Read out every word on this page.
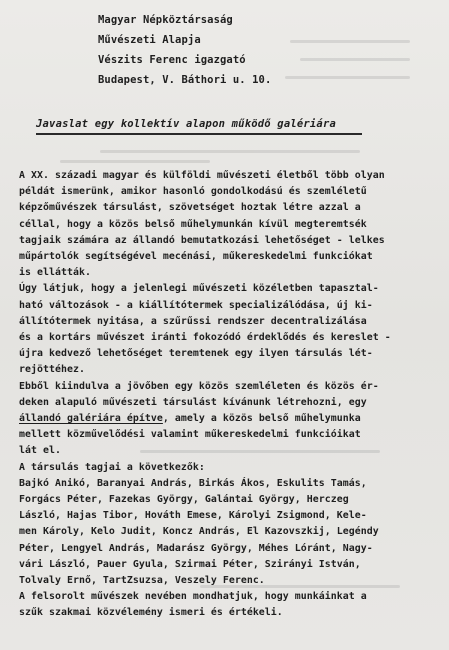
Magyar Népköztársaság
Művészeti Alapja
Vészits Ferenc igazgató
Budapest, V. Báthori u. 10.
Javaslat egy kollektív alapon működő galériára
A XX. századi magyar és külföldi művészeti életből több olyan
példát ismerünk, amikor hasonló gondolkodású és szemléletű
képzőművészek társulást, szövetséget hoztak létre azzal a
céllal, hogy a közös belső műhelymunkán kívül megteremtsék
tagjaik számára az állandó bemutatkozási lehetőséget - lelkes
műpártolók segítségével mecénási, műkereskedelmi funkciókat
is ellátták.
Úgy látjuk, hogy a jelenlegi művészeti közéletben tapasztal-
ható változások - a kiállítótermek specializálódása, új ki-
állítótermek nyitása, a szűrűssi rendszer decentralizálása
és a kortárs művészet iránti fokozódó érdeklődés és kereslet -
újra kedvező lehetőséget teremtenek egy ilyen társulás lét-
rejöttéhez.
Ebből kiindulva a jövőben egy közös szemléleten és közös ér-
deken alapuló művészeti társulást kívánunk létrehozni, egy
állandó galériára építve, amely a közös belső műhelymunka
mellett közművelődési valamint műkereskedelmi funkcióikat
lát el.
A társulás tagjai a következők:
Bajkó Anikó, Baranyai András, Birkás Ákos, Eskulits Tamás,
Forgács Péter, Fazekas György, Galántai György, Herczeg
László, Hajas Tibor, Hováth Emese, Károlyi Zsigmond, Kele-
men Károly, Kelo Judit, Koncz András, El Kazovszkij, Legéndy
Péter, Lengyel András, Madarász György, Méhes Lóránt, Nagy-
vári László, Pauer Gyula, Szirmai Péter, Szirányi István,
Tolvaly Ernő, TartZsuzsa, Veszely Ferenc.
A felsorolt művészek nevében mondhatjuk, hogy munkáinkat a
szűk szakmai közvélemény ismeri és értékeli.
